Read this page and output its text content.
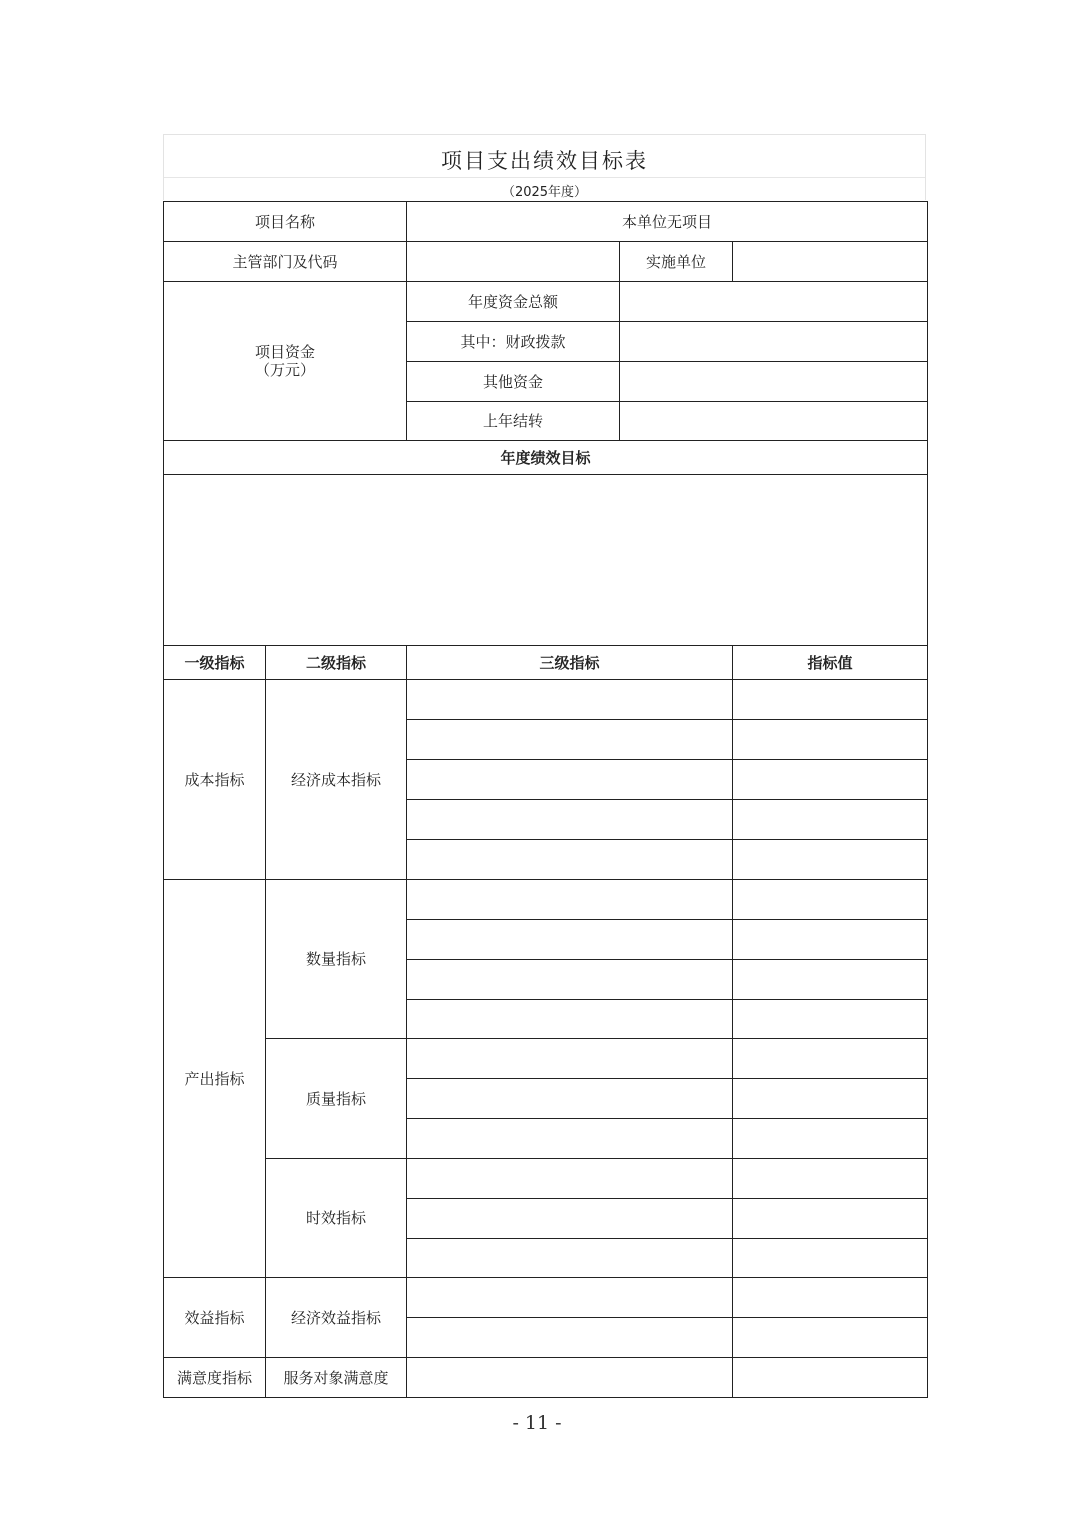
项目支出绩效目标表
（2025年度）
项目名称		本单位无项目		
主管部门及代码			实施单位	

项目资金
（万元）		年度资金总额		
		其中：财政拨款		
		其他资金		
		上年结转		
年度绩效目标				

一级指标	二级指标	三级指标		指标值
成本指标	经济成本指标			

产出指标	数量指标			

	质量指标			

	时效指标			

效益指标	经济效益指标			

满意度指标	服务对象满意度			
- 11 -
